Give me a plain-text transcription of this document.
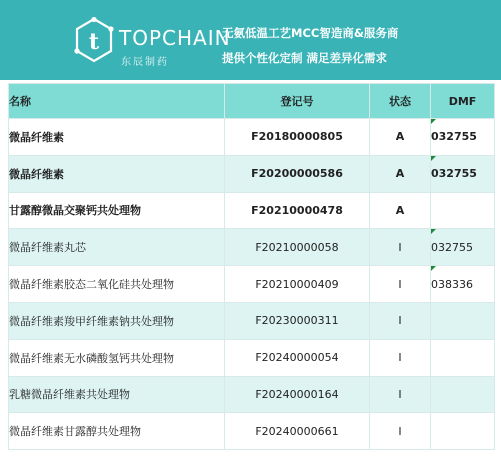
t TOPCHAIN
东辰制药
无氨低温工艺MCC智造商&服务商
提供个性化定制 满足差异化需求
名称	登记号	状态	DMF
微晶纤维素	F20180000805	A	032755

微晶纤维素	F20200000586	A	032755

甘露醇微晶交聚钙共处理物	F20210000478	A	
微晶纤维素丸芯	F20210000058	I	032755

微晶纤维素胶态二氧化硅共处理物	F20210000409	I	038336

微晶纤维素羧甲纤维素钠共处理物	F20230000311	I	
微晶纤维素无水磷酸氢钙共处理物	F20240000054	I	
乳糖微晶纤维素共处理物	F20240000164	I	
微晶纤维素甘露醇共处理物	F20240000661	I	
